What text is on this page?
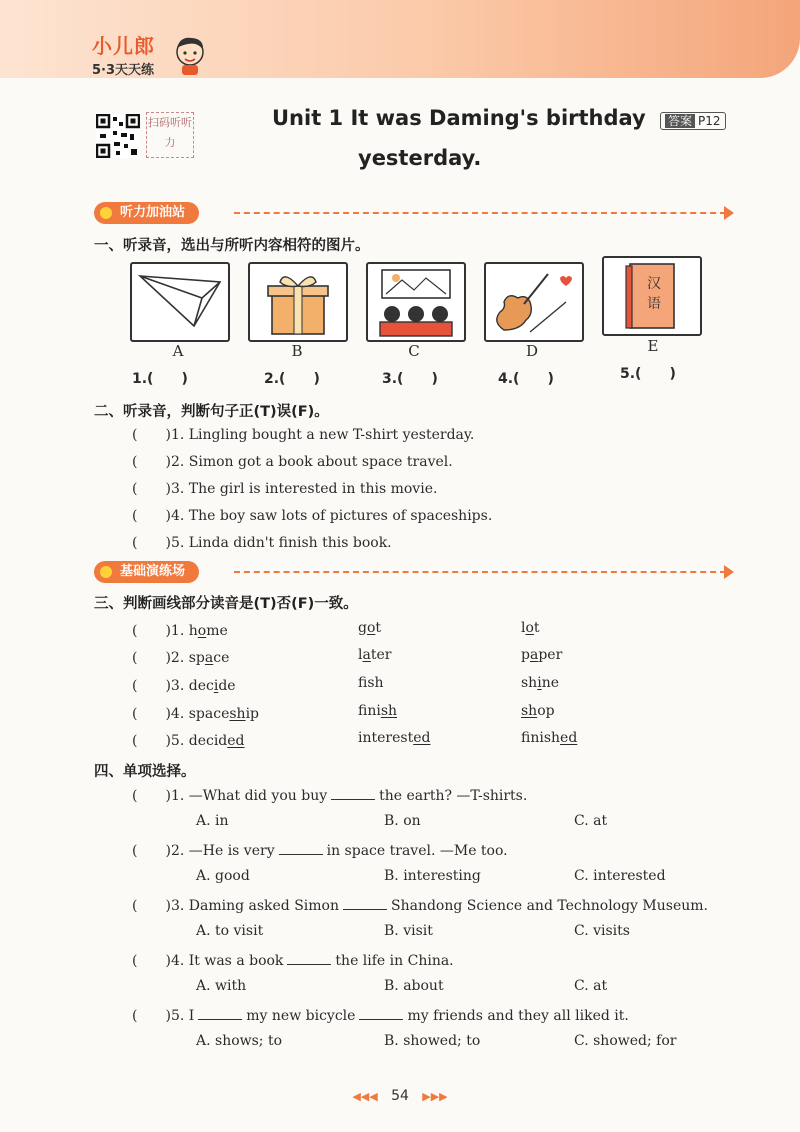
小儿郎
5·3天天练
扫码听听力
Unit 1 It was Daming's birthday
yesterday.
答案 P12
听力加油站
一、听录音，选出与所听内容相符的图片。
汉
语
A	B	C	D	E
1.(　　)	2.(　　)	3.(　　)	4.(　　)	5.(　　)
二、听录音，判断句子正(T)误(F)。
(　　)1. Lingling bought a new T-shirt yesterday.
(　　)2. Simon got a book about space travel.
(　　)3. The girl is interested in this movie.
(　　)4. The boy saw lots of pictures of spaceships.
(　　)5. Linda didn't finish this book.
基础演练场
三、判断画线部分读音是(T)否(F)一致。
(　　)1. home	got	lot
(　　)2. space	later	paper
(　　)3. decide	fsh	shine
(　　)4. spaceship	finish	shop
(　　)5. decided	interested	finished
四、单项选择。
(　　)1. —What did you buy	the earth? —T-shirts.
A. in	B. on	C. at
(　　)2. —He is very	in space travel. —Me too.
A. good	B. interesting	C. interested
(　　)3. Daming asked Simon	Shandong Science and Technology Museum.
A. to visit	B. visit	C. visits
(　　)4. It was a book	the life in China.
A. with	B. about	C. at
(　　)5. I	my new bicycle	my friends and they all liked it.
A. shows; to	B. showed; to	C. showed; for
◀◀◀ 54 ▶▶▶
